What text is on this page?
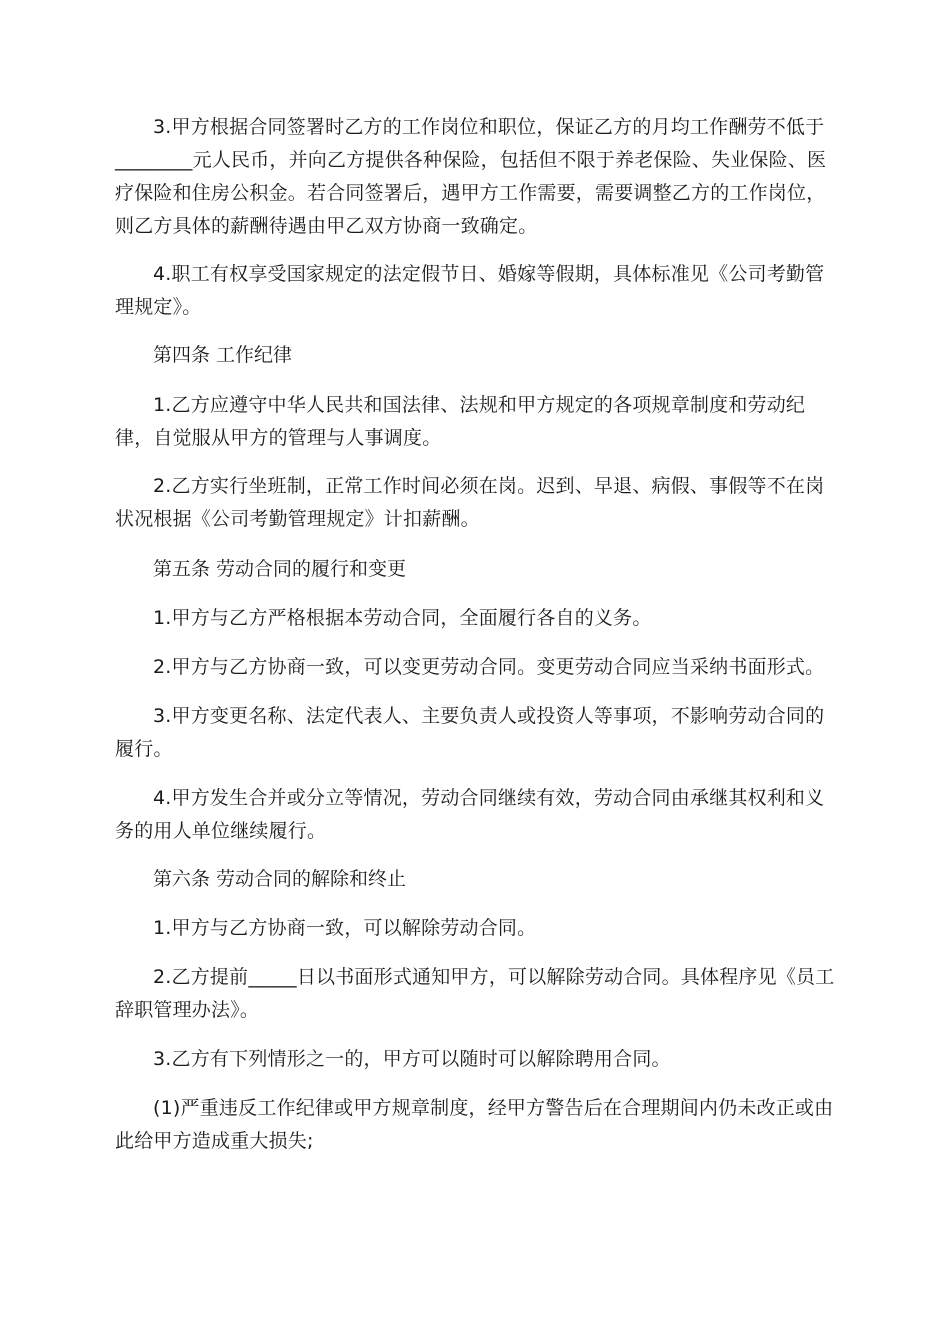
3.甲方根据合同签署时乙方的工作岗位和职位，保证乙方的月均工作酬劳不低于________元人民币，并向乙方提供各种保险，包括但不限于养老保险、失业保险、医疗保险和住房公积金。若合同签署后，遇甲方工作需要，需要调整乙方的工作岗位，则乙方具体的薪酬待遇由甲乙双方协商一致确定。

4.职工有权享受国家规定的法定假节日、婚嫁等假期，具体标准见《公司考勤管理规定》。

第四条 工作纪律

1.乙方应遵守中华人民共和国法律、法规和甲方规定的各项规章制度和劳动纪律，自觉服从甲方的管理与人事调度。

2.乙方实行坐班制，正常工作时间必须在岗。迟到、早退、病假、事假等不在岗状况根据《公司考勤管理规定》计扣薪酬。

第五条 劳动合同的履行和变更

1.甲方与乙方严格根据本劳动合同，全面履行各自的义务。

2.甲方与乙方协商一致，可以变更劳动合同。变更劳动合同应当采纳书面形式。

3.甲方变更名称、法定代表人、主要负责人或投资人等事项，不影响劳动合同的履行。

4.甲方发生合并或分立等情况，劳动合同继续有效，劳动合同由承继其权利和义务的用人单位继续履行。

第六条 劳动合同的解除和终止

1.甲方与乙方协商一致，可以解除劳动合同。

2.乙方提前_____日以书面形式通知甲方，可以解除劳动合同。具体程序见《员工辞职管理办法》。

3.乙方有下列情形之一的，甲方可以随时可以解除聘用合同。

(1)严重违反工作纪律或甲方规章制度，经甲方警告后在合理期间内仍未改正或由此给甲方造成重大损失;
